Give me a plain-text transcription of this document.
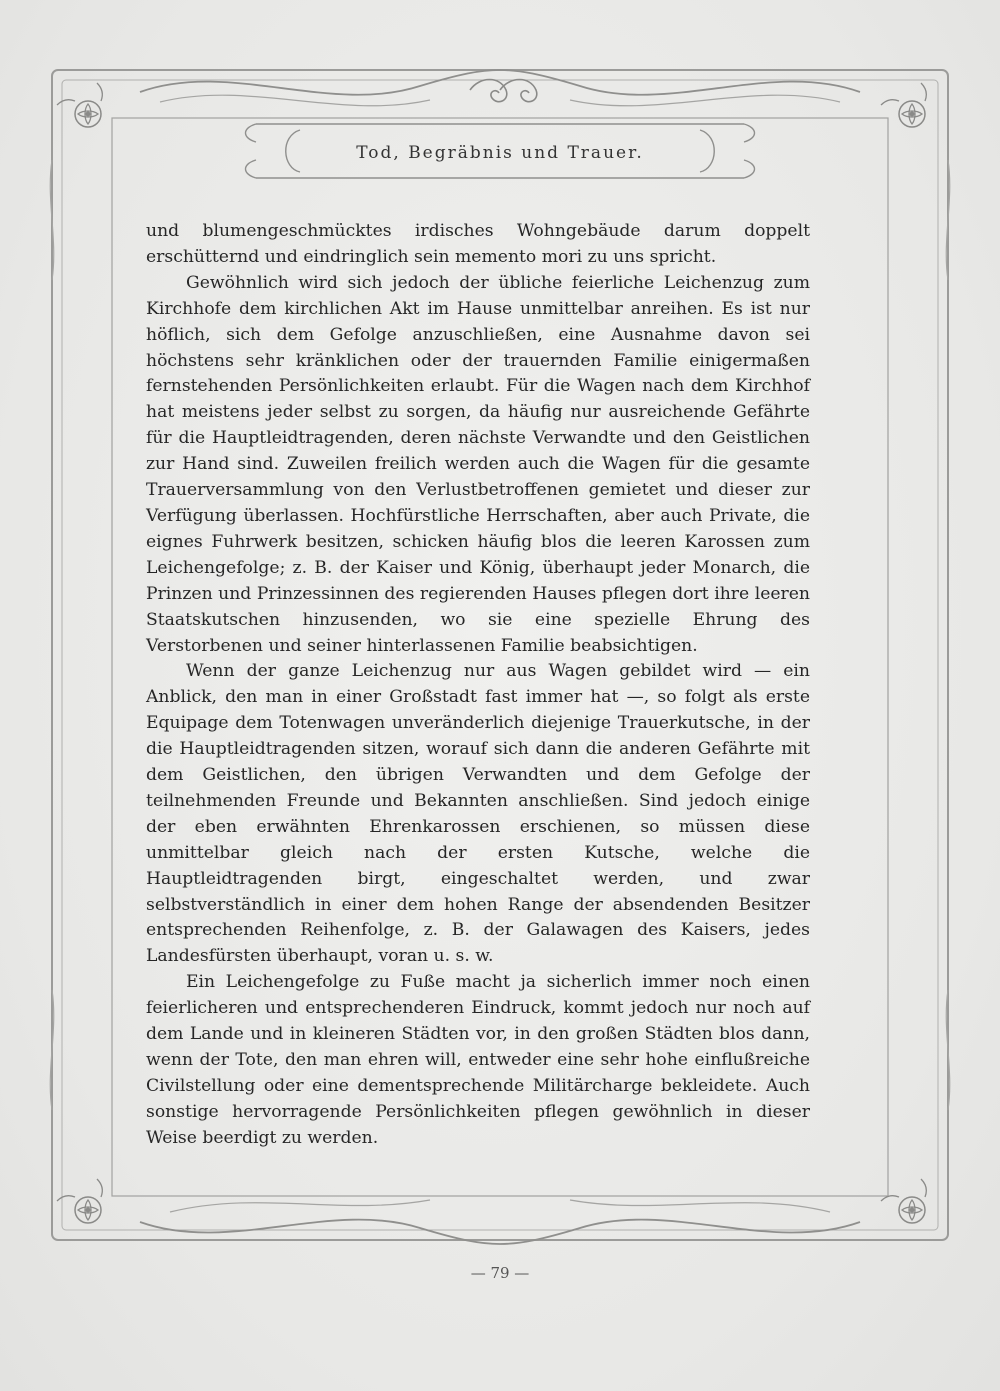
Tod, Begräbnis und Trauer.

und blumengeschmücktes irdisches Wohngebäude darum doppelt erschütternd und eindringlich sein memento mori zu uns spricht.

Gewöhnlich wird sich jedoch der übliche feierliche Leichenzug zum Kirchhofe dem kirchlichen Akt im Hause unmittelbar anreihen. Es ist nur höflich, sich dem Gefolge anzuschließen, eine Ausnahme davon sei höchstens sehr kränklichen oder der trauernden Familie einigermaßen fernstehenden Persönlichkeiten erlaubt. Für die Wagen nach dem Kirchhof hat meistens jeder selbst zu sorgen, da häufig nur ausreichende Gefährte für die Hauptleidtragenden, deren nächste Verwandte und den Geistlichen zur Hand sind. Zuweilen freilich werden auch die Wagen für die gesamte Trauerversammlung von den Verlustbetroffenen gemietet und dieser zur Verfügung überlassen. Hochfürstliche Herrschaften, aber auch Private, die eignes Fuhrwerk besitzen, schicken häufig blos die leeren Karossen zum Leichengefolge; z. B. der Kaiser und König, überhaupt jeder Monarch, die Prinzen und Prinzessinnen des regierenden Hauses pflegen dort ihre leeren Staatskutschen hinzusenden, wo sie eine spezielle Ehrung des Verstorbenen und seiner hinterlassenen Familie beabsichtigen.

Wenn der ganze Leichenzug nur aus Wagen gebildet wird — ein Anblick, den man in einer Großstadt fast immer hat —, so folgt als erste Equipage dem Totenwagen unveränderlich diejenige Trauerkutsche, in der die Hauptleidtragenden sitzen, worauf sich dann die anderen Gefährte mit dem Geistlichen, den übrigen Verwandten und dem Gefolge der teilnehmenden Freunde und Bekannten anschließen. Sind jedoch einige der eben erwähnten Ehrenkarossen erschienen, so müssen diese unmittelbar gleich nach der ersten Kutsche, welche die Hauptleidtragenden birgt, eingeschaltet werden, und zwar selbstverständlich in einer dem hohen Range der absendenden Besitzer entsprechenden Reihenfolge, z. B. der Galawagen des Kaisers, jedes Landesfürsten überhaupt, voran u. s. w.

Ein Leichengefolge zu Fuße macht ja sicherlich immer noch einen feierlicheren und entsprechenderen Eindruck, kommt jedoch nur noch auf dem Lande und in kleineren Städten vor, in den großen Städten blos dann, wenn der Tote, den man ehren will, entweder eine sehr hohe einflußreiche Civilstellung oder eine dementsprechende Militärcharge bekleidete. Auch sonstige hervorragende Persönlichkeiten pflegen gewöhnlich in dieser Weise beerdigt zu werden.

— 79 —
